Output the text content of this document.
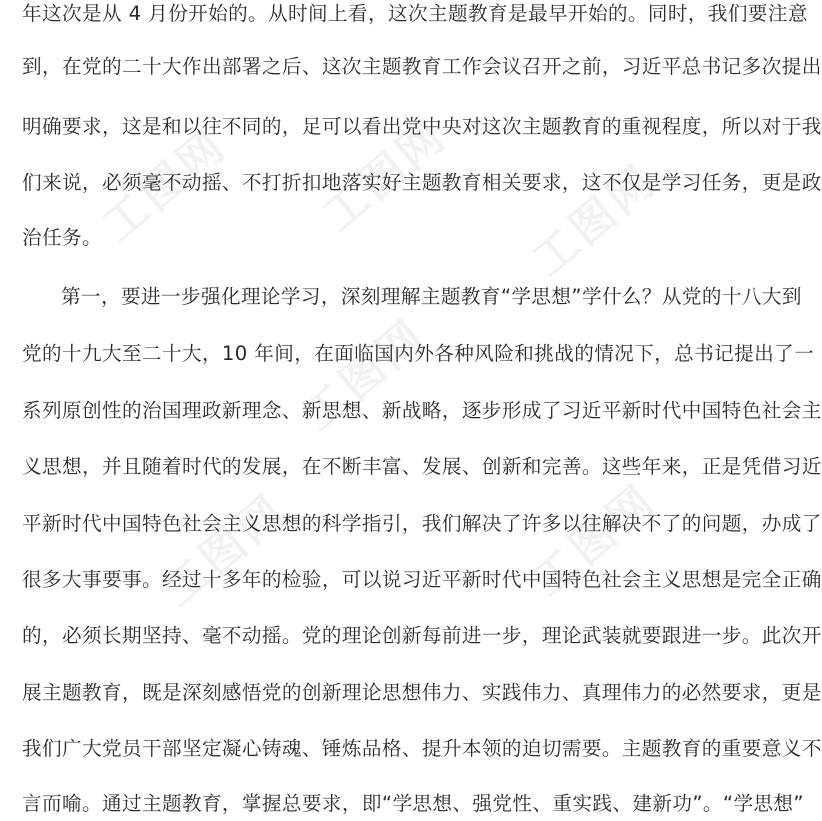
工图网 工图网 工图网
工图网
工图网	工图网
年这次是从 4 月份开始的。从时间上看，这次主题教育是最早开始的。同时，我们要注意
到，在党的二十大作出部署之后、这次主题教育工作会议召开之前，习近平总书记多次提出
明确要求，这是和以往不同的，足可以看出党中央对这次主题教育的重视程度，所以对于我
们来说，必须毫不动摇、不打折扣地落实好主题教育相关要求，这不仅是学习任务，更是政
治任务。
第一，要进一步强化理论学习，深刻理解主题教育“学思想”学什么？从党的十八大到
党的十九大至二十大，10 年间，在面临国内外各种风险和挑战的情况下，总书记提出了一
系列原创性的治国理政新理念、新思想、新战略，逐步形成了习近平新时代中国特色社会主
义思想，并且随着时代的发展，在不断丰富、发展、创新和完善。这些年来，正是凭借习近
平新时代中国特色社会主义思想的科学指引，我们解决了许多以往解决不了的问题，办成了
很多大事要事。经过十多年的检验，可以说习近平新时代中国特色社会主义思想是完全正确
的，必须长期坚持、毫不动摇。党的理论创新每前进一步，理论武装就要跟进一步。此次开
展主题教育，既是深刻感悟党的创新理论思想伟力、实践伟力、真理伟力的必然要求，更是
我们广大党员干部坚定凝心铸魂、锤炼品格、提升本领的迫切需要。主题教育的重要意义不
言而喻。通过主题教育，掌握总要求，即“学思想、强党性、重实践、建新功”。“学思想”
